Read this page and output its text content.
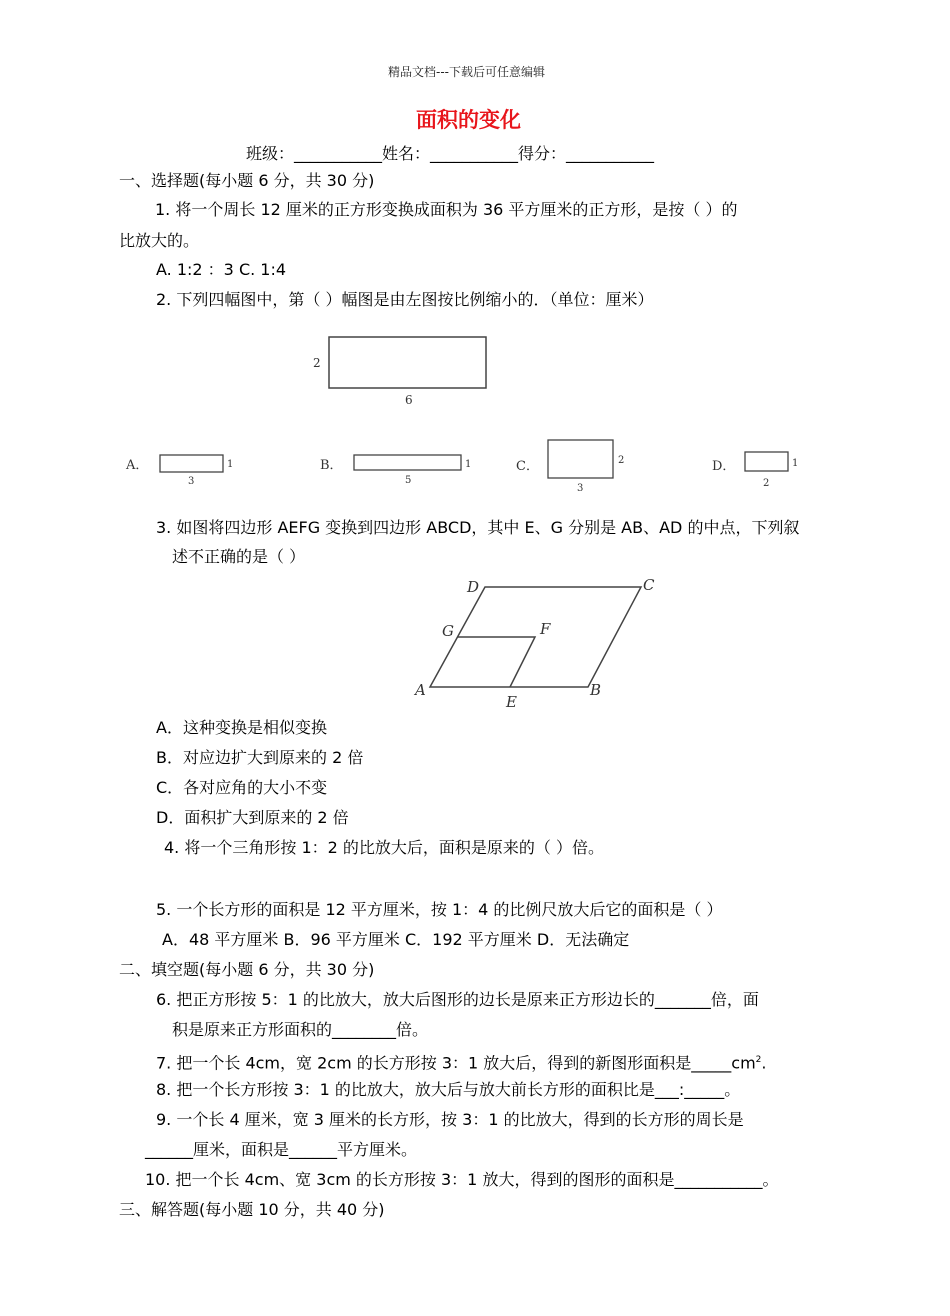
精品文档---下载后可任意编辑
面积的变化
班级：___________姓名：___________得分：___________
一、选择题(每小题 6 分，共 30 分)
1. 将一个周长 12 厘米的正方形变换成面积为 36 平方厘米的正方形，是按（ ）的
比放大的。
A. 1:2 ：3 C. 1:4
2. 下列四幅图中，第（ ）幅图是由左图按比例缩小的．（单位：厘米）
2
6
A．	1
3
B．	1
5
C．	2
3
D．	1
2
3. 如图将四边形 AEFG 变换到四边形 ABCD，其中 E、G 分别是 AB、AD 的中点，下列叙
述不正确的是（ ）
A	B
C
D
E
F
G
A．这种变换是相似变换
B．对应边扩大到原来的 2 倍
C．各对应角的大小不变
D．面积扩大到原来的 2 倍
4. 将一个三角形按 1：2 的比放大后，面积是原来的（ ）倍。
5. 一个长方形的面积是 12 平方厘米，按 1：4 的比例尺放大后它的面积是（ ）
A．48 平方厘米 B．96 平方厘米 C．192 平方厘米 D．无法确定
二、填空题(每小题 6 分，共 30 分)
6. 把正方形按 5：1 的比放大，放大后图形的边长是原来正方形边长的_______倍，面
积是原来正方形面积的________倍。
7. 把一个长 4cm，宽 2cm 的长方形按 3：1 放大后，得到的新图形面积是$\_\_\_\_\_cm^2$.
8. 把一个长方形按 3：1 的比放大，放大后与放大前长方形的面积比是___:_____。
9. 一个长 4 厘米，宽 3 厘米的长方形，按 3：1 的比放大，得到的长方形的周长是
______厘米，面积是______平方厘米。
10. 把一个长 4cm、宽 3cm 的长方形按 3：1 放大，得到的图形的面积是___________。
三、解答题(每小题 10 分，共 40 分)
